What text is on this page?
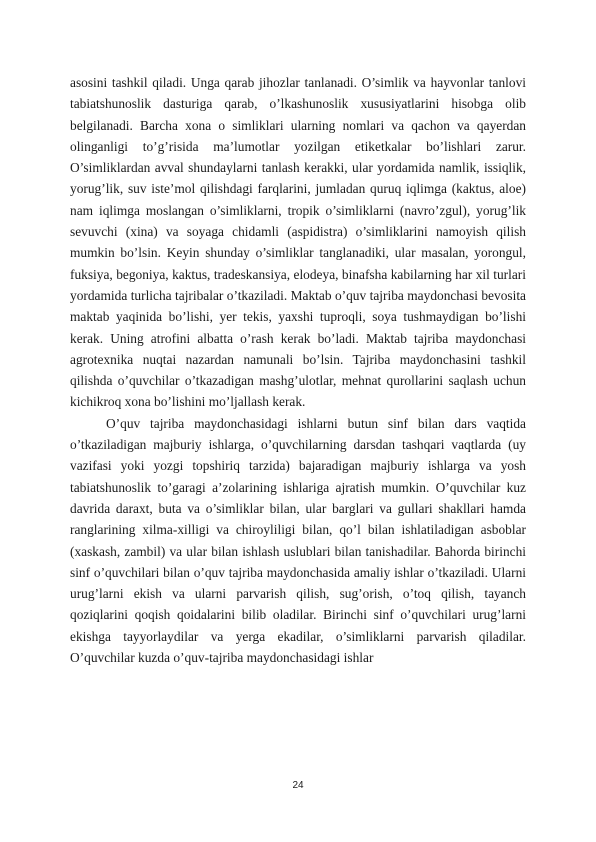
asosini tashkil qiladi. Unga qarab jihozlar tanlanadi. O’simlik va hayvonlar tanlovi tabiatshunoslik dasturiga qarab, o’lkashunoslik xususiyatlarini hisobga olib belgilanadi. Barcha xona o simliklari ularning nomlari va qachon va qayerdan olinganligi to’g’risida ma’lumotlar yozilgan etiketkalar bo’lishlari zarur. O’simliklardan avval shundaylarni tanlash kerakki, ular yordamida namlik, issiqlik, yorug’lik, suv iste’mol qilishdagi farqlarini, jumladan quruq iqlimga (kaktus, aloe) nam iqlimga moslangan o’simliklarni, tropik o’simliklarni (navro’zgul), yorug’lik sevuvchi (xina) va soyaga chidamli (aspidistra) o’simliklarini namoyish qilish mumkin bo’lsin. Keyin shunday o’simliklar tanglanadiki, ular masalan, yorongul, fuksiya, begoniya, kaktus, tradeskansiya, elodeya, binafsha kabilarning har xil turlari yordamida turlicha tajribalar o’tkaziladi. Maktab o’quv tajriba maydonchasi bevosita maktab yaqinida bo’lishi, yer tekis, yaxshi tuproqli, soya tushmaydigan bo’lishi kerak. Uning atrofini albatta o’rash kerak bo’ladi. Maktab tajriba maydonchasi agrotexnika nuqtai nazardan namunali bo’lsin. Tajriba maydonchasini tashkil qilishda o’quvchilar o’tkazadigan mashg’ulotlar, mehnat qurollarini saqlash uchun kichikroq xona bo’lishini mo’ljallash kerak.

O’quv tajriba maydonchasidagi ishlarni butun sinf bilan dars vaqtida o’tkaziladigan majburiy ishlarga, o’quvchilarning darsdan tashqari vaqtlarda (uy vazifasi yoki yozgi topshiriq tarzida) bajaradigan majburiy ishlarga va yosh tabiatshunoslik to’garagi a’zolarining ishlariga ajratish mumkin. O’quvchilar kuz davrida daraxt, buta va o’simliklar bilan, ular barglari va gullari shakllari hamda ranglarining xilma-xilligi va chiroyliligi bilan, qo’l bilan ishlatiladigan asboblar (xaskash, zambil) va ular bilan ishlash uslublari bilan tanishadilar. Bahorda birinchi sinf o’quvchilari bilan o’quv tajriba maydonchasida amaliy ishlar o’tkaziladi. Ularni urug’larni ekish va ularni parvarish qilish, sug’orish, o’toq qilish, tayanch qoziqlarini qoqish qoidalarini bilib oladilar. Birinchi sinf o’quvchilari urug’larni ekishga tayyorlaydilar va yerga ekadilar, o’simliklarni parvarish qiladilar. O’quvchilar kuzda o’quv-tajriba maydonchasidagi ishlar

24
